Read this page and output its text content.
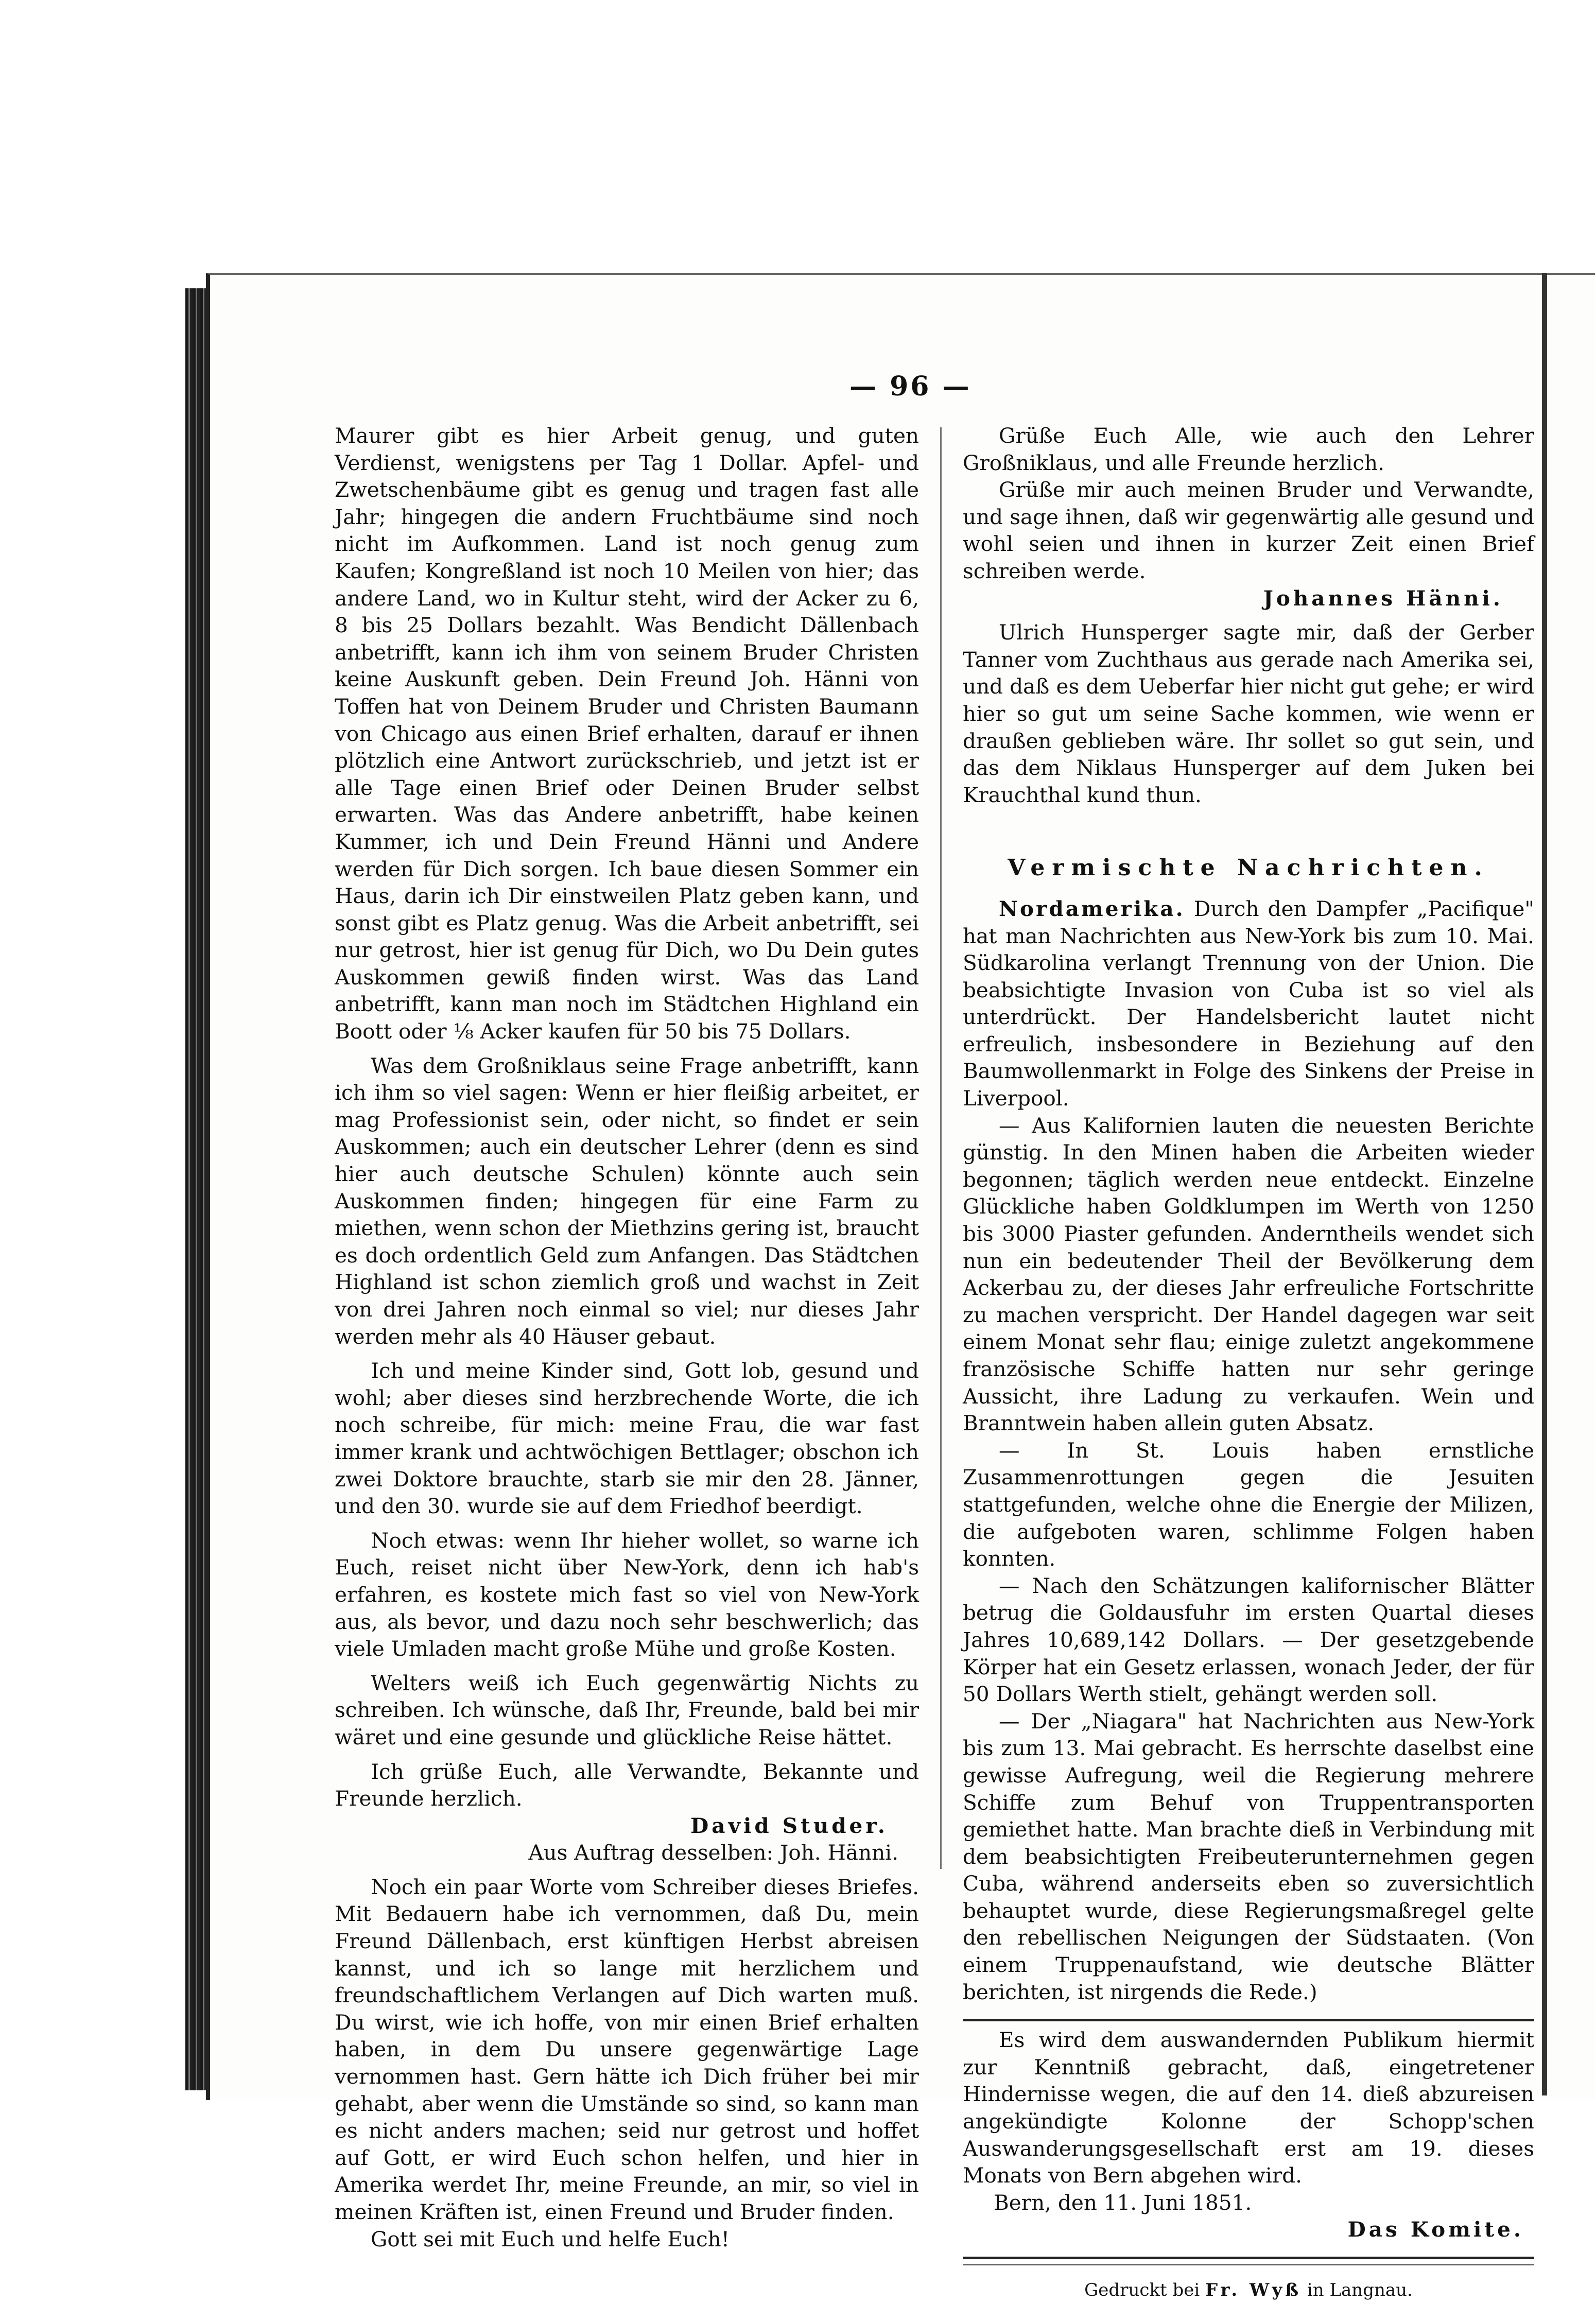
— 96 —

Maurer gibt es hier Arbeit genug, und guten Verdienst, wenigstens per Tag 1 Dollar. Apfel- und Zwetschenbäume gibt es genug und tragen fast alle Jahr; hingegen die andern Fruchtbäume sind noch nicht im Aufkommen. Land ist noch genug zum Kaufen; Kongreßland ist noch 10 Meilen von hier; das andere Land, wo in Kultur steht, wird der Acker zu 6, 8 bis 25 Dollars bezahlt. Was Bendicht Dällenbach anbetrifft, kann ich ihm von seinem Bruder Christen keine Auskunft geben. Dein Freund Joh. Hänni von Toffen hat von Deinem Bruder und Christen Baumann von Chicago aus einen Brief erhalten, darauf er ihnen plötzlich eine Antwort zurückschrieb, und jetzt ist er alle Tage einen Brief oder Deinen Bruder selbst erwarten. Was das Andere anbetrifft, habe keinen Kummer, ich und Dein Freund Hänni und Andere werden für Dich sorgen. Ich baue diesen Sommer ein Haus, darin ich Dir einstweilen Platz geben kann, und sonst gibt es Platz genug. Was die Arbeit anbetrifft, sei nur getrost, hier ist genug für Dich, wo Du Dein gutes Auskommen gewiß finden wirst. Was das Land anbetrifft, kann man noch im Städtchen Highland ein Boott oder ⅛ Acker kaufen für 50 bis 75 Dollars.

Was dem Großniklaus seine Frage anbetrifft, kann ich ihm so viel sagen: Wenn er hier fleißig arbeitet, er mag Professionist sein, oder nicht, so findet er sein Auskommen; auch ein deutscher Lehrer (denn es sind hier auch deutsche Schulen) könnte auch sein Auskommen finden; hingegen für eine Farm zu miethen, wenn schon der Miethzins gering ist, braucht es doch ordentlich Geld zum Anfangen. Das Städtchen Highland ist schon ziemlich groß und wachst in Zeit von drei Jahren noch einmal so viel; nur dieses Jahr werden mehr als 40 Häuser gebaut.

Ich und meine Kinder sind, Gott lob, gesund und wohl; aber dieses sind herzbrechende Worte, die ich noch schreibe, für mich: meine Frau, die war fast immer krank und achtwöchigen Bettlager; obschon ich zwei Doktore brauchte, starb sie mir den 28. Jänner, und den 30. wurde sie auf dem Friedhof beerdigt.

Noch etwas: wenn Ihr hieher wollet, so warne ich Euch, reiset nicht über New-York, denn ich hab's erfahren, es kostete mich fast so viel von New-York aus, als bevor, und dazu noch sehr beschwerlich; das viele Umladen macht große Mühe und große Kosten.

Welters weiß ich Euch gegenwärtig Nichts zu schreiben. Ich wünsche, daß Ihr, Freunde, bald bei mir wäret und eine gesunde und glückliche Reise hättet.

Ich grüße Euch, alle Verwandte, Bekannte und Freunde herzlich.

David Studer.

Aus Auftrag desselben: Joh. Hänni.

Noch ein paar Worte vom Schreiber dieses Briefes. Mit Bedauern habe ich vernommen, daß Du, mein Freund Dällenbach, erst künftigen Herbst abreisen kannst, und ich so lange mit herzlichem und freundschaftlichem Verlangen auf Dich warten muß. Du wirst, wie ich hoffe, von mir einen Brief erhalten haben, in dem Du unsere gegenwärtige Lage vernommen hast. Gern hätte ich Dich früher bei mir gehabt, aber wenn die Umstände so sind, so kann man es nicht anders machen; seid nur getrost und hoffet auf Gott, er wird Euch schon helfen, und hier in Amerika werdet Ihr, meine Freunde, an mir, so viel in meinen Kräften ist, einen Freund und Bruder finden.

Gott sei mit Euch und helfe Euch!

Grüße Euch Alle, wie auch den Lehrer Großniklaus, und alle Freunde herzlich.

Grüße mir auch meinen Bruder und Verwandte, und sage ihnen, daß wir gegenwärtig alle gesund und wohl seien und ihnen in kurzer Zeit einen Brief schreiben werde.

Johannes Hänni.

Ulrich Hunsperger sagte mir, daß der Gerber Tanner vom Zuchthaus aus gerade nach Amerika sei, und daß es dem Ueberfar hier nicht gut gehe; er wird hier so gut um seine Sache kommen, wie wenn er draußen geblieben wäre. Ihr sollet so gut sein, und das dem Niklaus Hunsperger auf dem Juken bei Krauchthal kund thun.

Vermischte Nachrichten.

Nordamerika. Durch den Dampfer „Pacifique" hat man Nachrichten aus New-York bis zum 10. Mai. Südkarolina verlangt Trennung von der Union. Die beabsichtigte Invasion von Cuba ist so viel als unterdrückt. Der Handelsbericht lautet nicht erfreulich, insbesondere in Beziehung auf den Baumwollenmarkt in Folge des Sinkens der Preise in Liverpool.

— Aus Kalifornien lauten die neuesten Berichte günstig. In den Minen haben die Arbeiten wieder begonnen; täglich werden neue entdeckt. Einzelne Glückliche haben Goldklumpen im Werth von 1250 bis 3000 Piaster gefunden. Anderntheils wendet sich nun ein bedeutender Theil der Bevölkerung dem Ackerbau zu, der dieses Jahr erfreuliche Fortschritte zu machen verspricht. Der Handel dagegen war seit einem Monat sehr flau; einige zuletzt angekommene französische Schiffe hatten nur sehr geringe Aussicht, ihre Ladung zu verkaufen. Wein und Branntwein haben allein guten Absatz.

— In St. Louis haben ernstliche Zusammenrottungen gegen die Jesuiten stattgefunden, welche ohne die Energie der Milizen, die aufgeboten waren, schlimme Folgen haben konnten.

— Nach den Schätzungen kalifornischer Blätter betrug die Goldausfuhr im ersten Quartal dieses Jahres 10,689,142 Dollars. — Der gesetzgebende Körper hat ein Gesetz erlassen, wonach Jeder, der für 50 Dollars Werth stielt, gehängt werden soll.

— Der „Niagara" hat Nachrichten aus New-York bis zum 13. Mai gebracht. Es herrschte daselbst eine gewisse Aufregung, weil die Regierung mehrere Schiffe zum Behuf von Truppentransporten gemiethet hatte. Man brachte dieß in Verbindung mit dem beabsichtigten Freibeuterunternehmen gegen Cuba, während anderseits eben so zuversichtlich behauptet wurde, diese Regierungsmaßregel gelte den rebellischen Neigungen der Südstaaten. (Von einem Truppenaufstand, wie deutsche Blätter berichten, ist nirgends die Rede.)

Es wird dem auswandernden Publikum hiermit zur Kenntniß gebracht, daß, eingetretener Hindernisse wegen, die auf den 14. dieß abzureisen angekündigte Kolonne der Schopp'schen Auswanderungsgesellschaft erst am 19. dieses Monats von Bern abgehen wird.

Bern, den 11. Juni 1851.

Das Komite.

Gedruckt bei Fr. Wyß in Langnau.
